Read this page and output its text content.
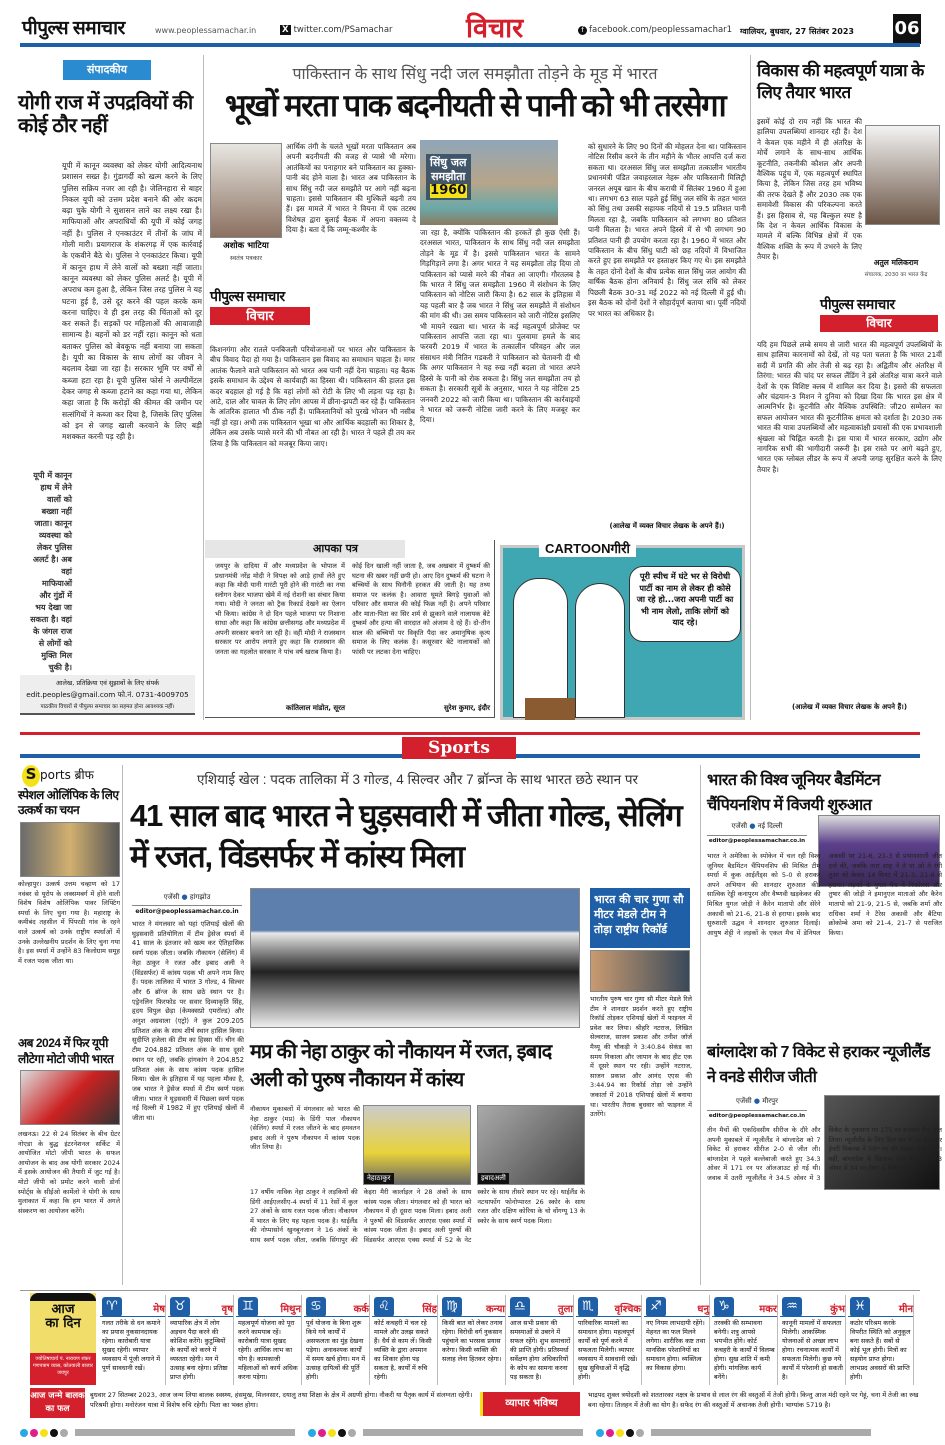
पीपुल्स समाचार	www.peoplessamachar.in	X twitter.com/PSamachar	विचार	f facebook.com/peoplessamachar1 ग्वालियर, बुधवार, 27 सितंबर 2023 06
संपादकीय
योगी राज में उपद्रवियों की कोई ठौर नहीं
यूपी में कानून हाथ में लेने वालों को बख्शा नहीं जाता। कानून व्यवस्था को लेकर पुलिस अलर्ट है। अब वहां माफियाओं और गुंडों में भय देखा जा सकता है। वहां के जंगल राज से लोगों को मुक्ति मिल चुकी है।
यूपी में कानून व्यवस्था को लेकर योगी आदित्यनाथ प्रशासन सख्त है। गुंडागर्दी को खत्म करने के लिए पुलिस सक्रिय नजर आ रही है। जेलिनहारा से बाहर निकल यूपी को उत्तम प्रदेश बनाने की ओर कदम बढ़ा चुके योगी ने सुशासन लाने का लक्ष्य रखा है। माफियाओं और अपराधियों की यूपी में कोई जगह नहीं है। पुलिस ने एनकाउंटर में तीनों के जांघ में गोली मारी। प्रयागराज के शंकरगढ़ में एक कार्रवाई के एकवीने बैठे थे। पुलिस ने एनकाउंटर किया। यूपी में कानून हाथ में लेने वालों को बख्शा नहीं जाता। कानून व्यवस्था को लेकर पुलिस अलर्ट है। यूपी में अपराध कम हुआ है, लेकिन जिस तरह पुलिस ने यह घटना हुई है, उसे दूर करने की पहल करके कम करना चाहिए। वे ही इस तरह की चिंताओं को दूर कर सकते हैं। सड़कों पर महिलाओं की आवाजाही सामान्य है। बहनों को डर नहीं रहा। कानून को धता बताकर पुलिस को बेवकूफ नहीं बनाया जा सकता है। यूपी का विकास के साथ लोगों का जीवन ने बदलाव देखा जा रहा है। सरकार भूमि पर वर्षों से कब्जा हटा रहा है। यूपी पुलिस फोर्स ने अल्पीमेंटल देकर जगह से कब्जा हटाने का कहा गया था, लेकिन कहा जाता है कि करोड़ों की कीमत की जमीन पर सत्संगियों ने कब्जा कर दिया है, जिसके लिए पुलिस को इन से जगह खाली करवाने के लिए बड़ी मशक्कत करनी पड़ रही है।
आलेख, प्रतिक्रिया एवं सुझावों के लिए संपर्क
edit.peoples@gmail.com फो.नं. 0731-4009705
पाठकीय विचारों से पीपुल्स समाचार का सहमत होना आवश्यक नहीं।
पाकिस्तान के साथ सिंधु नदी जल समझौता तोड़ने के मूड में भारत
भूखों मरता पाक बदनीयती से पानी को भी तरसेगा
अशोक भाटिया
स्वतंत्र पत्रकार
पीपुल्स समाचार
विचार
आर्थिक तंगी के चलते भूखों मरता पाकिस्तान अब अपनी बदनीयती की वजह से प्यासे भी मरेगा। आतंकियों का पनाहगार बने पाकिस्तान का हुक्का-पानी बंद होने वाला है। भारत अब पाकिस्तान के साथ सिंधु नदी जल समझौते पर आगे नहीं बढ़ना चाहता। इससे पाकिस्तान की मुश्किलें बढ़नी तय हैं। इस मामले में भारत ने वियना में एक तटस्थ विशेषज्ञ द्वारा बुलाई बैठक में अपना वक्तव्य दे दिया है। बता दें कि जम्मू-कश्मीर के
किशनगंगा और रातले पनबिजली परियोजनाओं पर भारत और पाकिस्तान के बीच विवाद पैदा हो गया है। पाकिस्तान इस विवाद का समाधान चाहता है। मगर आतंक फैलाने वाले पाकिस्तान को भारत अब पानी नहीं देना चाहता। यह बैठक इसके समाधान के उद्देश्य से कार्यवाही का हिस्सा थी। पाकिस्तान की हालत इस कदर बदहाल हो गई है कि वहां लोगों को रोटी के लिए भी लड़ना पड़ रहा है। आटे, दाल और चावल के लिए लोग आपस में छीना-झपटी कर रहे हैं। पाकिस्तान के आंतरिक हालात भी ठीक नहीं हैं। पाकिस्तानियों को पुरखे भोजन भी नसीब नहीं हो रहा। अभी तक पाकिस्तान भूखा था और आर्थिक बदहाली का शिकार है, लेकिन अब उसके प्यासे मरने की भी नौबत आ रही है। भारत ने पहले ही तय कर लिया है कि पाकिस्तान को मजबूर किया जाए।
सिंधु जल
समझौता
1960
जा रहा है, क्योंकि पाकिस्तान की हरकतें ही कुछ ऐसी हैं। दरअसल भारत, पाकिस्तान के साथ सिंधु नदी जल समझौता तोड़ने के मूड में है। इससे पाकिस्तान भारत के सामने गिड़गिड़ाने लगा है। अगर भारत ने यह समझौता तोड़ दिया तो पाकिस्तान को प्यासे मरने की नौबत आ जाएगी। गौरतलब है कि भारत ने सिंधु जल समझौता 1960 में संशोधन के लिए पाकिस्तान को नोटिस जारी किया है। 62 साल के इतिहास में यह पहली बार है जब भारत ने सिंधु जल समझौते में संशोधन की मांग की थी। उस समय पाकिस्तान को जारी नोटिस इसलिए भी मायने रखता था। भारत के कई महत्वपूर्ण प्रोजेक्ट पर पाकिस्तान आपत्ति जता रहा था। पुलवामा हमले के बाद फरवरी 2019 में भारत के तत्कालीन परिवहन और जल संसाधन मंत्री नितिन गडकरी ने पाकिस्तान को चेतावनी दी थी कि अगर पाकिस्तान ने यह रुख नहीं बदला तो भारत अपने हिस्से के पानी को रोक सकता है। सिंधु जल समझौता तय हो सकता है। सरकारी सूत्रों के अनुसार, भारत ने यह नोटिस 25 जनवरी 2022 को जारी किया था। पाकिस्तान की कार्रवाइयों ने भारत को जरूरी नोटिस जारी करने के लिए मजबूर कर दिया।
को सुधारने के लिए 90 दिनों की मोहलत देना था। पाकिस्तान नोटिस रिसीव करने के तीन महीने के भीतर आपत्ति दर्ज करा सकता था। दरअसल सिंधु जल समझौता तत्कालीन भारतीय प्रधानमंत्री पंडित जवाहरलाल नेहरू और पाकिस्तानी मिलिट्री जनरल अयूब खान के बीच कराची में सितंबर 1960 में हुआ था। लगभग 63 साल पहले हुई सिंधु जल संधि के तहत भारत को सिंधु तथा उसकी सहायक नदियों से 19.5 प्रतिशत पानी मिलता रहा है, जबकि पाकिस्तान को लगभग 80 प्रतिशत पानी मिलता है। भारत अपने हिस्से में से भी लगभग 90 प्रतिशत पानी ही उपयोग करता रहा है। 1960 में भारत और पाकिस्तान के बीच सिंधु घाटी को छह नदियों में विभाजित करते हुए इस समझौते पर हस्ताक्षर किए गए थे। इस समझौते के तहत दोनों देशों के बीच प्रत्येक साल सिंधु जल आयोग की वार्षिक बैठक होना अनिवार्य है। सिंधु जल संधि को लेकर पिछली बैठक 30-31 मई 2022 को नई दिल्ली में हुई थी। इस बैठक को दोनों देशों ने सौहार्दपूर्ण बताया था। पूर्वी नदियों पर भारत का अधिकार है।
(आलेख में व्यक्त विचार लेखक के अपने हैं।)
विकास की महत्वपूर्ण यात्रा के लिए तैयार भारत
इसमें कोई दो राय नहीं कि भारत की हालिया उपलब्धियां शानदार रही हैं। देश ने केवल एक महीने में ही अंतरिक्ष के मोर्चे लगाने के साथ-साथ आर्थिक कूटनीति, तकनीकी कौशल और अपनी वैश्विक पहुंच में, एक महत्वपूर्ण स्थापित किया है, लेकिन जिस तरह हम भविष्य की तरफ देखते हैं और 2030 तक एक समावेशी विकास की परिकल्पना करते हैं। इस हिसाब से, यह बिल्कुल स्पष्ट है कि देश न केवल आर्थिक विकास के मामले में बल्कि विभिन्न क्षेत्रों में एक वैश्विक शक्ति के रूप में उभरने के लिए तैयार है।
अतुल मलिकराम
संचालक, 2030 का भारत केंद्र
पीपुल्स समाचार
विचार
यदि हम पिछले लम्बे समय से जारी भारत की महत्वपूर्ण उपलब्धियों के साथ हालिया कारनामों को देखें, तो यह पता चलता है कि भारत 21वीं सदी में प्रगति की ओर तेजी से बढ़ रहा है। अद्वितीय और अंतरिक्ष में तिरंगा: भारत की चांद पर सफल लैंडिंग ने इसे अंतरिक्ष यात्रा करने वाले देशों के एक विशिष्ट क्लब में शामिल कर दिया है। इसरो की सफलता और चंद्रयान-3 मिशन ने दुनिया को दिखा दिया कि भारत इस क्षेत्र में आत्मनिर्भर है। कूटनीति और वैश्विक उपस्थिति: जी20 सम्मेलन का सफल आयोजन भारत की कूटनीतिक क्षमता को दर्शाता है। 2030 तक भारत की यात्रा उपलब्धियों और महत्वाकांक्षी प्रयासों की एक प्रभावशाली श्रृंखला को चिह्नित करती है। इस यात्रा में भारत सरकार, उद्योग और नागरिक सभी की भागीदारी जरूरी है। इस रास्ते पर आगे बढ़ते हुए, भारत एक ग्लोबल लीडर के रूप में अपनी जगह सुरक्षित करने के लिए तैयार है।
(आलेख में व्यक्त विचार लेखक के अपने हैं।)
आपका पत्र
जयपुर के दादिया में और मध्यप्रदेश के भोपाल में प्रधानमंत्री नरेंद्र मोदी ने विपक्ष को आड़े हाथों लेते हुए कहा कि मोदी यानी गारंटी पूरी होने की गारंटी का नया स्लोगन देकर भाजपा खेमे में नई रोशनी का संचार किया गया। मोदी ने जनता को ट्रैक रिकार्ड देखने का ऐलान भी किया। कांग्रेस ने दो दिन पहले भाजपा पर निशाना साधा और कहा कि कांग्रेस छत्तीसगढ़ और मध्यप्रदेश में अपनी सरकार बनाने जा रही है। वहीं मोदी ने राजस्थान सरकार पर आरोप लगाते हुए कहा कि राजस्थान की जनता का गहलोत सरकार ने पांच वर्ष खराब किया है।
कांतिलाल मांडोत, सूरत
कोई दिन खाली नहीं जाता है, जब अखबार में दुष्कर्म की घटना की खबर नहीं छपी हो। आए दिन दुष्कर्म की घटना ने बच्चियों के साथ घिनौनी हरकत की जाती है। यह तथ्य समाज पर कलंक है। आवारा घूमते बिगड़े युवाओं को परिवार और समाज की कोई फिक्र नहीं है। अपने परिवार और माता-पिता का सिर शर्म से झुकाने वाले नालायक बेटे दुष्कर्म और हत्या की वारदात को अंजाम दे रहे हैं। दो-तीन साल की बच्चियों पर विकृति पैदा कर अमानुषिक कृत्य समाज के लिए कलंक है। कसूरवार बेटे नालायकों को फांसी पर लटका देना चाहिए।
सुरेश कुमार, इंदौर
CARTOONगीरी
पूरी स्पीच में घंटे भर से विरोधी पार्टी का नाम ले लेकर ही कोसे जा रहे हो...जरा अपनी पार्टी का भी नाम लेलो, ताकि लोगों को याद रहे।
Sports
S ports ब्रीफ
स्पेशल ओलिंपिक के लिए उत्कर्ष का चयन
कोल्हापुर। उत्कर्ष उत्तम चव्हाण को 17 नवंबर से यूरोप के लक्समबर्ग में होने वाली विशेष विशेष ओलिंपिक पावर लिफ्टिंग स्पर्धा के लिए चुना गया है। महाराष्ट्र के कमीबंद तहसील में पिंपरडी गांव के रहने वाले उत्कर्ष को उनके राष्ट्रीय स्पर्धाओं में उनके उल्लेखनीय प्रदर्शन के लिए चुना गया है। इस स्पर्धा में उन्होंने 83 किलोग्राम समूह में रजत पदक जीता था।
अब 2024 में फिर यूपी लौटेगा मोटो जीपी भारत
लखनऊ। 22 से 24 सितंबर के बीच ग्रेटर नोएडा के बुद्ध इंटरनेशनल सर्किट में आयोजित मोटो जीपी भारत के सफल आयोजन के बाद अब योगी सरकार 2024 में इसके आयोजन की तैयारी में जुट गई है। मोटो जीपी को प्रमोट करने वाली डोर्ना स्पोर्ट्स के सीईओ कार्मेलो ने योगी के साथ मुलाकात में कहा कि हम भारत में अगले संस्करण का आयोजन करेंगे।
एशियाई खेल : पदक तालिका में 3 गोल्ड, 4 सिल्वर और 7 ब्रॉन्ज के साथ भारत छठे स्थान पर
41 साल बाद भारत ने घुड़सवारी में जीता गोल्ड, सेलिंग में रजत, विंडसर्फर में कांस्य मिला
एजेंसी ● हांगझोउ
editor@peoplessamachar.co.in
भारत ने मंगलवार को यहां एशियाई खेलों की घुड़सवारी प्रतियोगिता में टीम ड्रेसेज स्पर्धा में 41 साल के इंतजार को खत्म कर ऐतिहासिक स्वर्ण पदक जीता। जबकि नौकायन (सेलिंग) में नेहा ठाकुर ने रजत और इबाद अली ने (विंडसर्फर) में कांस्य पदक भी अपने नाम किए हैं। पदक तालिका में भारत 3 गोल्ड, 4 सिल्वर और 6 ब्रॉन्ज के साथ छठे स्थान पर है। एड्रेनलिन फिरफोड पर सवार दिव्याकृति सिंह, हृदय विपुल छेड़ा (केमक्सप्रो एमरॉल्ड) और अनुश अग्रवाला (एट्रो) ने कुल 209.205 प्रतिशत अंक के साथ शीर्ष स्थान हासिल किया। सुदीप्ति हजेला की टीम का हिस्सा थीं। चीन की टीम 204.882 प्रतिशत अंक के साथ दूसरे स्थान पर रही, जबकि हांगकांग ने 204.852 प्रतिशत अंक के साथ कांस्य पदक हासिल किया। खेल के इतिहास में यह पहला मौका है, जब भारत ने ड्रेसेज स्पर्धा में टीम स्वर्ण पदक जीता। भारत ने घुड़सवारी में पिछला स्वर्ण पदक नई दिल्ली में 1982 में हुए एशियाई खेलों में जीता था।
भारत की चार गुणा सौ मीटर मेडले टीम ने तोड़ा राष्ट्रीय रिकॉर्ड
भारतीय पुरुष चार गुणा सौ मीटर मेडले रिले टीम ने शानदार प्रदर्शन करते हुए राष्ट्रीय रिकॉर्ड तोड़कर एशियाई खेलों में फाइनल में प्रवेश कर लिया। श्रीहरि नटराज, लिखित सेल्वराज, साजन प्रकाश और तनीश जॉर्ज मैथ्यू की चौकड़ी ने 3:40.84 सेकंड का समय निकाला और जापान के बाद हीट एक में दूसरे स्थान पर रही। उन्होंने नटराज, साजन प्रकाश और आनंद एएस की 3:44.94 का रिकॉर्ड तोड़ा जो उन्होंने जकार्ता में 2018 एशियाई खेलों में बनाया था। भारतीय तैराक बुधवार को फाइनल में उतरेंगे।
मप्र की नेहा ठाकुर को नौकायन में रजत, इबाद अली को पुरुष नौकायन में कांस्य
नौकायन मुकाबलों में मंगलवार को भारत की नेहा ठाकुर (मप्र) के डिंगी पाल नौकायन (सेलिंग) स्पर्धा में रजत जीतने के बाद हमवतन इबाद अली ने पुरुष नौकायन में कांस्य पदक जीत लिया है।
नेहाठाकुर	इबादअली
17 वर्षीय नाविक नेहा ठाकुर ने लड़कियों की डिंगी आईएलसीए-4 स्पर्धा में 11 रेसों में कुल 27 अंकों के साथ रजत पदक जीता। नौकायन में भारत के लिए यह पहला पदक है। थाईलैंड की नोप्पासोर्न खुनबूनजान ने 16 अंकों के साथ स्वर्ण पदक जीता, जबकि सिंगापुर की केइरा मैरी कार्लाइल ने 28 अंकों के साथ कांस्य पदक जीता। मंगलवार को ही भारत को नौकायन में ही दूसरा पदक मिला। इबाद अली ने पुरुषों की विंडसर्फर आरएस एक्स स्पर्धा में कांस्य पदक जीता है। इबाद अली पुरुषों की विंडसर्फर आरएस एक्स स्पर्धा में 52 के नेट स्कोर के साथ तीसरे स्थान पर रहे। थाईलैंड के नटथाफोंग फोनोप्पारत 26 स्कोर के साथ रजत और दक्षिण कोरिया के चो वोंगग्यू 13 के स्कोर के साथ स्वर्ण पदक मिला।
भारत की विश्व जूनियर बैडमिंटन चैंपियनशिप में विजयी शुरुआत
एजेंसी ● नई दिल्ली
editor@peoplessamachar.co.in
भारत ने अमेरिका के स्पोकेन में चल रही विश्व जूनियर बैडमिंटन चैंपियनशिप की मिश्रित टीम स्पर्धा में कुक आईलैंड्स को 5-0 से हराकर अपने अभियान की शानदार शुरुआत की। सात्विक रेड्डी कनापुरम और वैष्णवी खड़केकर की मिश्रित युगल जोड़ी ने कैरेन मातापो और सेरेने अकावी को 21-6, 21-8 से हराया। इसके बाद सुरुशाती उद्धव ने शानदार शुरुआत दिलाई। आयुष शेट्टी ने लड़कों के एकल मैच में डेनियल अकावी पर 21-6, 21-3 से प्रभावशाली जीत दर्ज की, जबकि तारा शाह ने ते पा ओ ते रंगी तुआ को केवल 14 मिनट में 21-3, 21-6 से हराया। लड़कों के युगल मैच में निकोलस और तुषार की जोड़ी ने इमानुएल माताओ और कैरेन मातापो को 21-9, 21-5 से, जबकि शर्मा और राधिका शर्मा ने टैरेस अकावी और बैटिया क्रोकोम्बे अमा को 21-4, 21-7 से पराजित किया।
बांग्लादेश को 7 विकेट से हराकर न्यूजीलैंड ने वनडे सीरीज जीती
एजेंसी ● मीरपुर
editor@peoplessamachar.co.in
तीन मैचों की एकदिवसीय सीरीज के दौरे और अपनी मुकाबले में न्यूजीलैंड ने बांग्लादेश को 7 विकेट से हराकर सीरीज 2-0 से जीत ली। बांग्लादेश ने पहले बल्लेबाजी करते हुए 34.3 ओवर में 171 रन पर ऑलआउट हो गई थी। जवाब में उतरी न्यूजीलैंड ने 34.5 ओवर में 3 विकेट के नुकसान पर 175 रन बनाकर मैच जीत लिया। न्यूजीलैंड के लिए विल यंग ने 70 रन और हेनरी निकल्स ने 50* रन की नाबाद पारी खेली। वहीं, बांग्लादेश के खिलाफ ऐडम मिल्न ने 6.3 ओवर में 34 रन देकर 4 विकेट लिए।
आज का दिन
ज्योतिषाचार्य पं. नारायण शंकर गणपत्राम व्यास, कोतवाली बाजार जयपुर
♈	मेष
गलत तरीके से धन कमाने का प्रयास नुकसानदायक रहेगा। कारोबारी यात्रा सुखद रहेगी। व्यापार व्यवसाय में पूंजी लगाने में पूर्ण सावधानी रखें।
♉	वृष
व्यापारिक क्षेत्र में लोग अड़चन पैदा करने की कोशिश करेंगे। कुटुम्बियों के कार्यों को करने में व्यस्तता रहेगी। मन में उत्साह बना रहेगा। प्रतिष्ठा प्राप्त होगी।
♊	मिथुन
महत्वपूर्ण योजना को पूरा करने कामयाब रहें। कारोबारी यात्रा सुखद रहेगी। आर्थिक लाभ का योग है। कामकाजी महिलाओं को कार्य अधिक करना पड़ेगा।
♋	कर्क
पूर्व योजना के बिना शुरू किये गये कार्यों में असफलता का मुंह देखना पड़ेगा। अनावश्यक कार्यों में समय खर्च होगा। मन में उत्साह दायित्वों की पूर्ति होगी।
♌	सिंह
कोर्ट कचहरी में चल रहे मामले और उलझ सकते हैं। धैर्य से काम लें। किसी व्यक्ति के द्वारा अपमान का शिकार होना पड़ सकता है, कार्यों में रुचि रहेगी।
♍	कन्या
किसी बात को लेकर तनाव रहेगा। विरोधी वर्ग नुकसान पहुंचाने का भरसक प्रयास करेगा। किसी व्यक्ति की सलाह लेना हितकर रहेगा।
♎	तुला
आज सभी प्रकार की समस्याओं से उबरने में सफल रहेंगे। शुभ समाचारों की प्राप्ति होगी। प्रतिस्पर्धा सर्वेक्षण होगा अधिकारियों के कोप का सामना करना पड़ सकता है।
♏	वृश्चिक
पारिवारिक मामलों का समाधान होगा। महत्वपूर्ण कार्यों को पूर्ण करने में सफलता मिलेगी। व्यापार व्यवसाय में सावधानी रखें। सुख सुविधाओं में वृद्धि होगी।
♐	धनु
नए नियम लाभदायी रहेंगे। मेहनत का फल मिलने लगेगा। शारीरिक कष्ट तथा मानसिक परेशानियों का समाधान होगा। व्यक्तित्व का विकास होगा।
♑	मकर
तरक्की की सम्भावना बनेगी। शत्रु आपसे भयभीत होंगे। कोर्ट कचहरी के कार्यों में विलम्ब होगा। सुख शांति में कमी होगी। मांगलिक कार्य बनेंगे।
♒	कुंभ
कानूनी मामलों में सफलता मिलेगी। आकस्मिक योजनाओं से अच्छा लाभ होगा। रचनात्मक कार्यों में सफलता मिलेगी। कुछ नये कार्यों में परेशानी हो सकती है।
♓	मीन
कठोर परिश्रम करके विपरीत स्थिति को अनुकूल बना सकते हैं। सबों से कोई भूल होगी। मित्रों का सहयोग प्राप्त होगा। लाभप्रद अवसरों की प्राप्ति होगी।
आज जन्मे बालक का फल
बुधवार 27 सितम्बर 2023, आज जन्म लिया बालक स्वस्थ्य, हंसमुख, मिलनसार, दयालु तथा शिक्षा के क्षेत्र में अग्रणी होगा। नौकरी या पैतृक कार्य में संलग्नता रहेगी। परिश्रमी होगा। मनोरंजन यात्रा में विशेष रुचि रहेगी। पिता का भक्त होगा।	व्यापार भविष्य
भाद्रपद शुक्ल त्रयोदशी को शततारका नक्षत्र के प्रभाव से लाल रंग की वस्तुओं में तेजी होगी। किन्तु आज मंदी रहने पर गेहूं, चना में तेजी का रुख बना रहेगा। तिलहन में तेजी का योग है। सफेद रंग की वस्तुओं में अचानक तेजी होगी। भाग्यांक 5719 है।
